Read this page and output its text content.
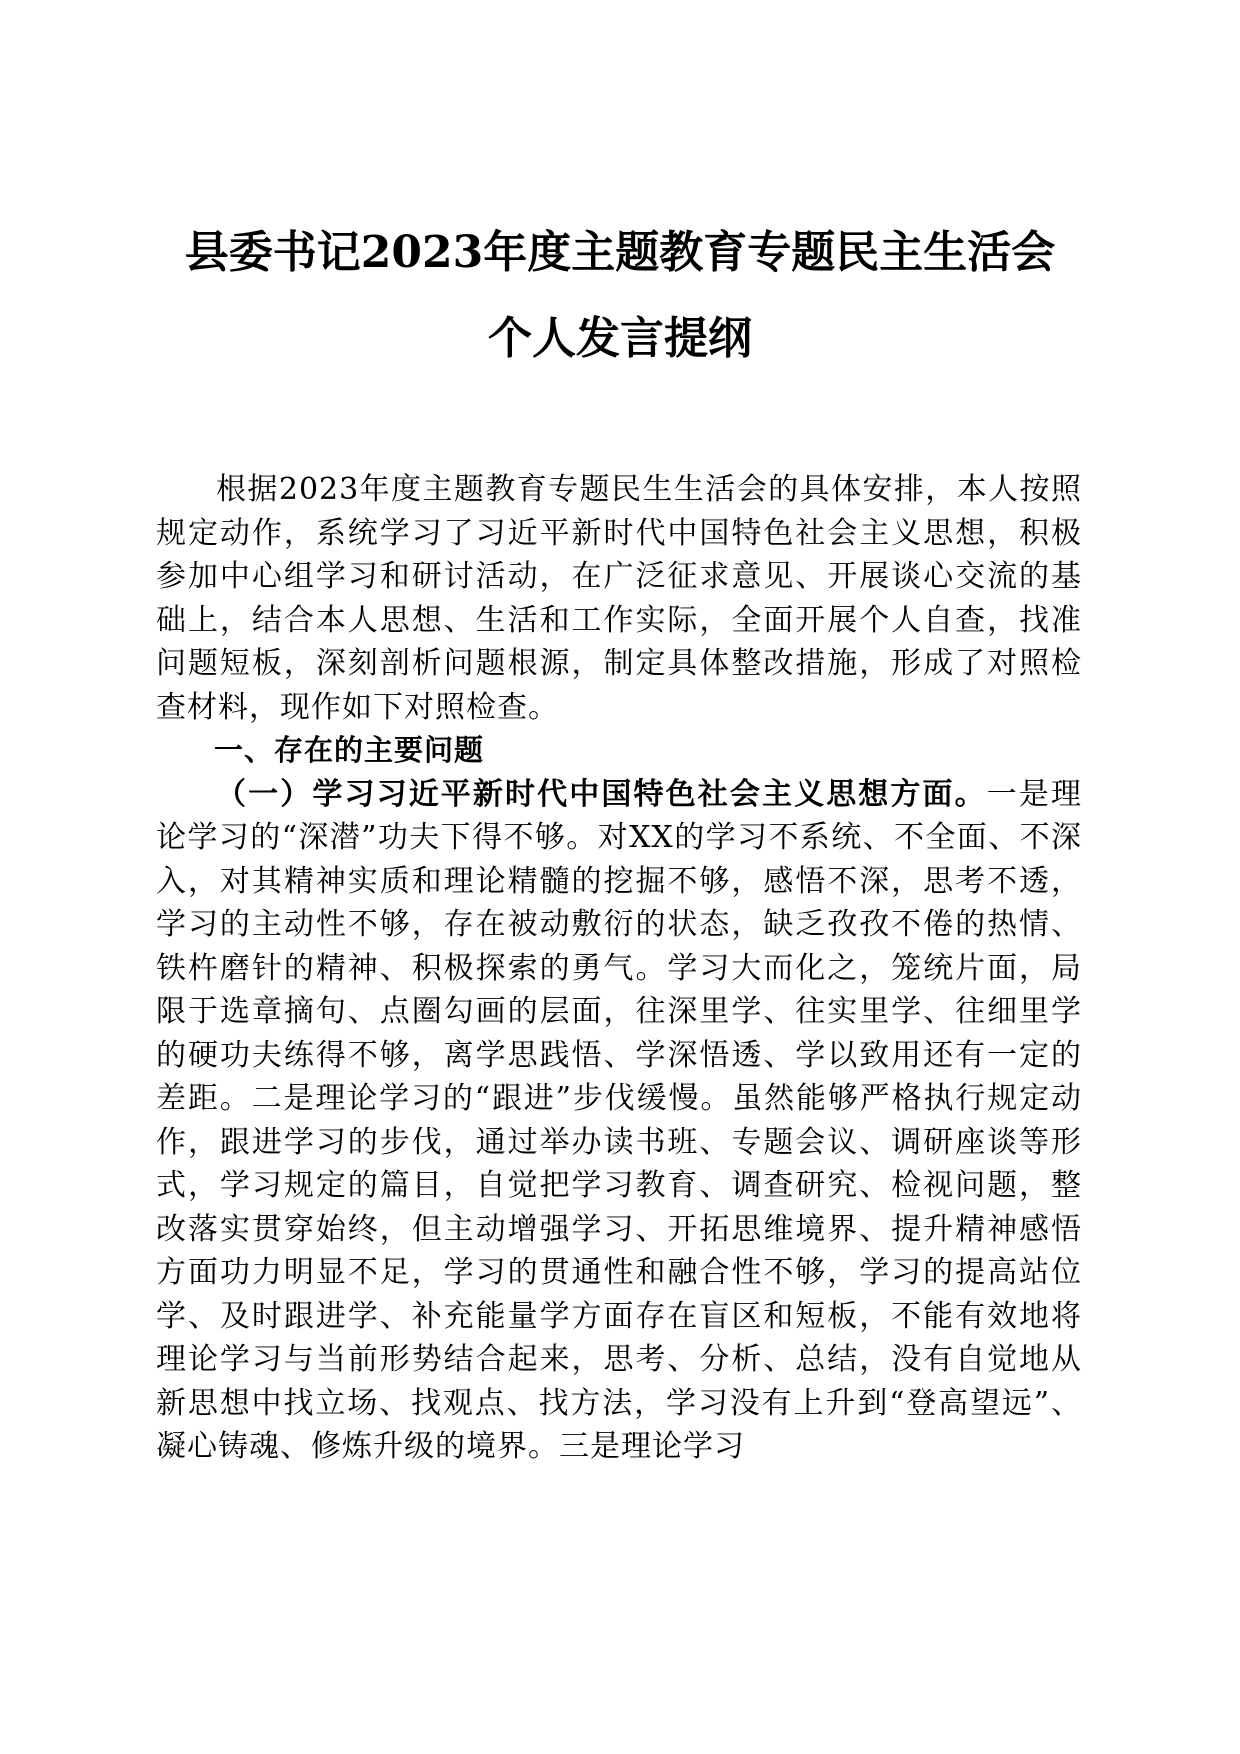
县委书记2023年度主题教育专题民主生活会

个人发言提纲

根据2023年度主题教育专题民生生活会的具体安排，本人按照规定动作，系统学习了习近平新时代中国特色社会主义思想，积极参加中心组学习和研讨活动，在广泛征求意见、开展谈心交流的基础上，结合本人思想、生活和工作实际，全面开展个人自查，找准问题短板，深刻剖析问题根源，制定具体整改措施，形成了对照检查材料，现作如下对照检查。

一、存在的主要问题

（一）学习习近平新时代中国特色社会主义思想方面。一是理论学习的“深潜”功夫下得不够。对XX的学习不系统、不全面、不深入，对其精神实质和理论精髓的挖掘不够，感悟不深，思考不透，学习的主动性不够，存在被动敷衍的状态，缺乏孜孜不倦的热情、铁杵磨针的精神、积极探索的勇气。学习大而化之，笼统片面，局限于选章摘句、点圈勾画的层面，往深里学、往实里学、往细里学的硬功夫练得不够，离学思践悟、学深悟透、学以致用还有一定的差距。二是理论学习的“跟进”步伐缓慢。虽然能够严格执行规定动作，跟进学习的步伐，通过举办读书班、专题会议、调研座谈等形式，学习规定的篇目，自觉把学习教育、调查研究、检视问题，整改落实贯穿始终，但主动增强学习、开拓思维境界、提升精神感悟方面功力明显不足，学习的贯通性和融合性不够，学习的提高站位学、及时跟进学、补充能量学方面存在盲区和短板，不能有效地将理论学习与当前形势结合起来，思考、分析、总结，没有自觉地从新思想中找立场、找观点、找方法，学习没有上升到“登高望远”、凝心铸魂、修炼升级的境界。三是理论学习
